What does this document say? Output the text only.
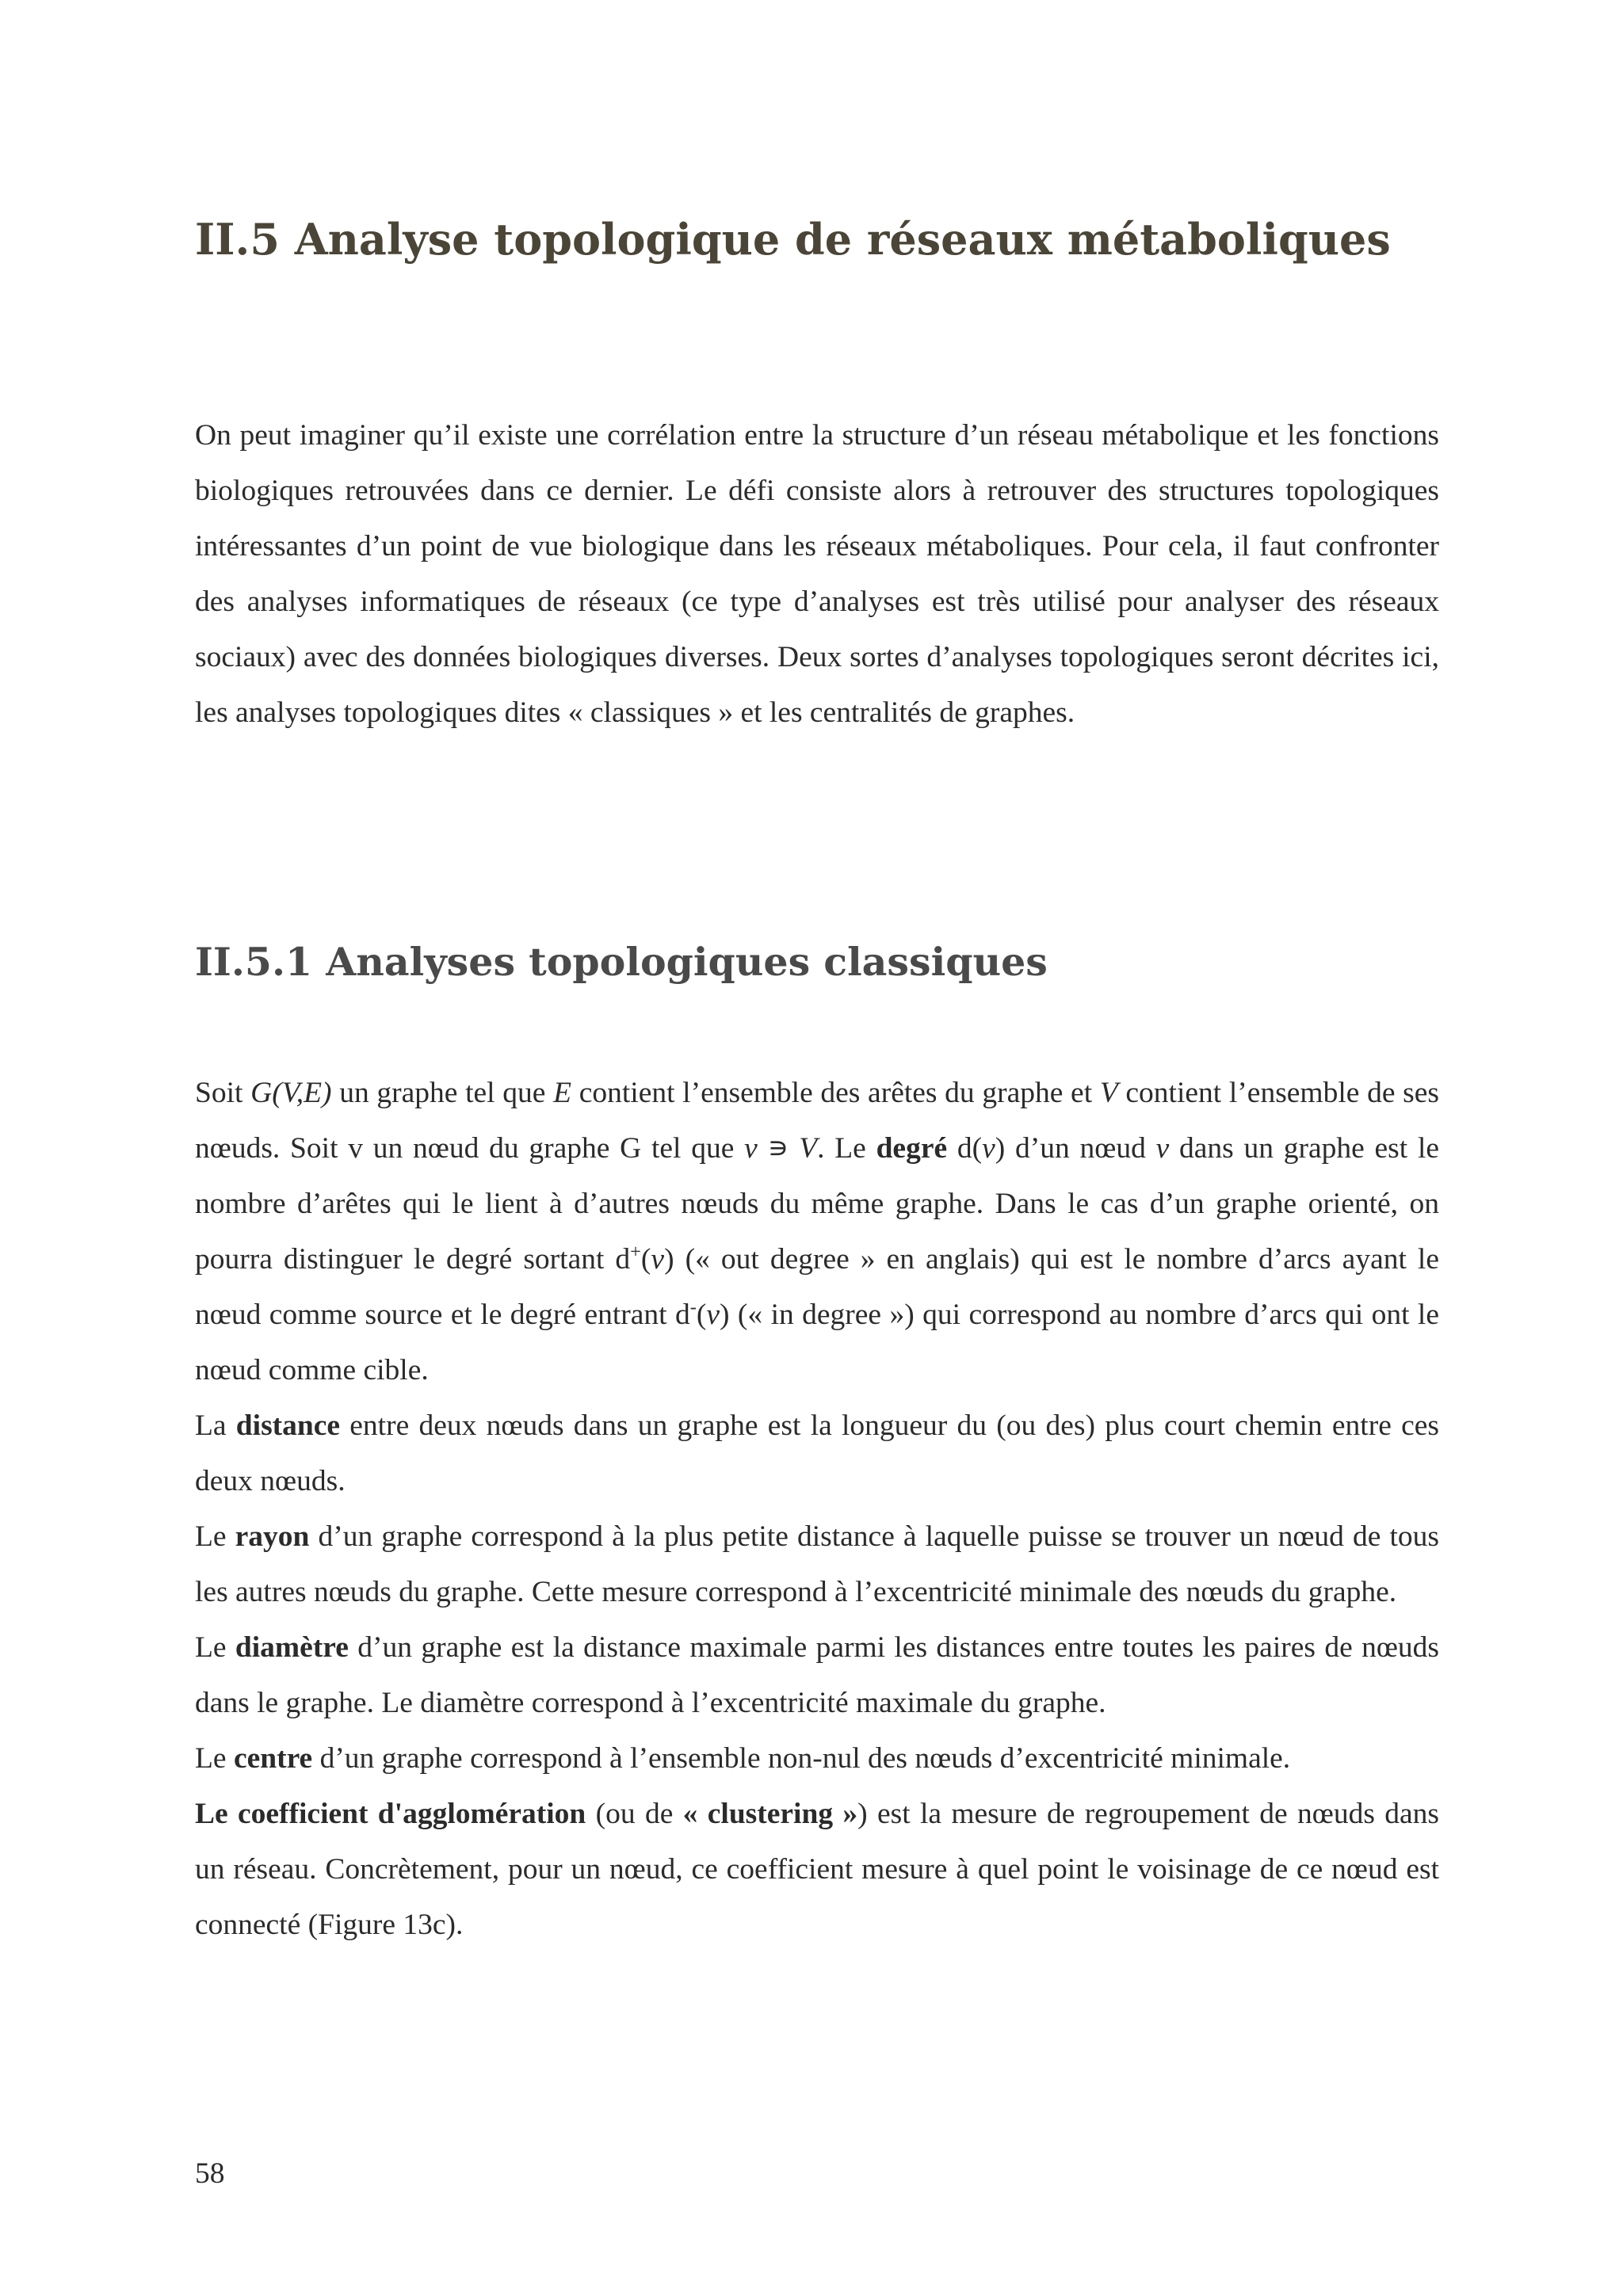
II.5 Analyse topologique de réseaux métaboliques

On peut imaginer qu’il existe une corrélation entre la structure d’un réseau métabolique et les fonctions biologiques retrouvées dans ce dernier. Le défi consiste alors à retrouver des structures topologiques intéressantes d’un point de vue biologique dans les réseaux métaboliques. Pour cela, il faut confronter des analyses informatiques de réseaux (ce type d’analyses est très utilisé pour analyser des réseaux sociaux) avec des données biologiques diverses. Deux sortes d’analyses topologiques seront décrites ici, les analyses topologiques dites « classiques » et les centralités de graphes.

II.5.1 Analyses topologiques classiques

Soit G(V,E) un graphe tel que E contient l’ensemble des arêtes du graphe et V contient l’ensemble de ses nœuds. Soit v un nœud du graphe G tel que v ∍ V. Le degré d(v) d’un nœud v dans un graphe est le nombre d’arêtes qui le lient à d’autres nœuds du même graphe. Dans le cas d’un graphe orienté, on pourra distinguer le degré sortant d+(v) (« out degree » en anglais) qui est le nombre d’arcs ayant le nœud comme source et le degré entrant d-(v) (« in degree ») qui correspond au nombre d’arcs qui ont le nœud comme cible.

La distance entre deux nœuds dans un graphe est la longueur du (ou des) plus court chemin entre ces deux nœuds.

Le rayon d’un graphe correspond à la plus petite distance à laquelle puisse se trouver un nœud de tous les autres nœuds du graphe. Cette mesure correspond à l’excentricité minimale des nœuds du graphe.

Le diamètre d’un graphe est la distance maximale parmi les distances entre toutes les paires de nœuds dans le graphe. Le diamètre correspond à l’excentricité maximale du graphe.

Le centre d’un graphe correspond à l’ensemble non-nul des nœuds d’excentricité minimale.

Le coefficient d'agglomération (ou de « clustering ») est la mesure de regroupement de nœuds dans un réseau. Concrètement, pour un nœud, ce coefficient mesure à quel point le voisinage de ce nœud est connecté (Figure 13c).

58
